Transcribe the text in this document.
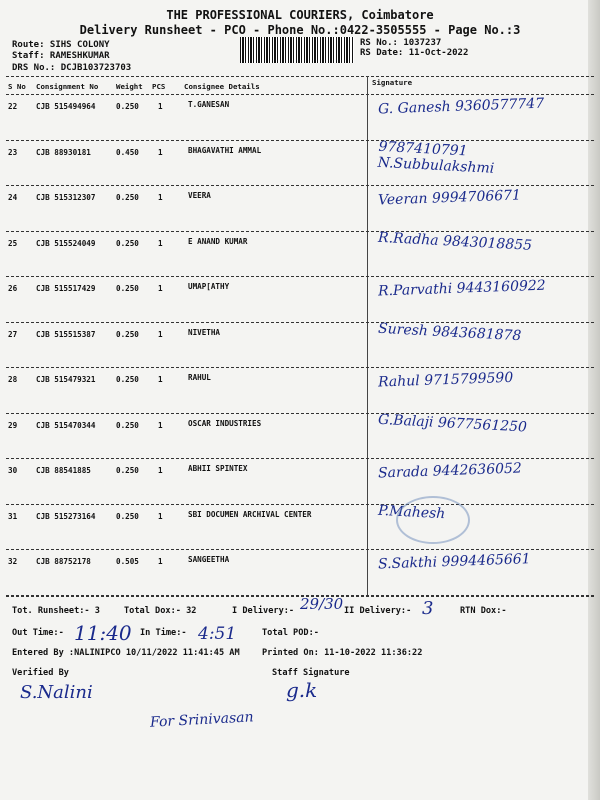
THE PROFESSIONAL COURIERS, Coimbatore
Delivery Runsheet - PCO - Phone No.:0422-3505555 - Page No.:3
Route: SIHS COLONY
Staff: RAMESHKUMAR
DRS No.: DCJB103723703
RS No.: 1037237
RS Date: 11-Oct-2022
S No Consignment No Weight PCS	Consignee Details	Signature
22 CJB 515494964	0.250	1	T.GANESAN	G. Ganesh 9360577747
23 CJB 88930181	0.450	1	BHAGAVATHI AMMAL	9787410791 N.Subbulakshmi
24 CJB 515312307	0.250	1	VEERA	Veeran 9994706671
25 CJB 515524049	0.250	1	E ANAND KUMAR	R.Radha 9843018855
26 CJB 515517429	0.250	1	UMAP[ATHY	R.Parvathi 9443160922
27 CJB 515515387	0.250	1	NIVETHA	Suresh 9843681878
28 CJB 515479321	0.250	1	RAHUL	Rahul 9715799590
29 CJB 515470344	0.250	1	OSCAR INDUSTRIES	G.Balaji 9677561250
30 CJB 88541885	0.250	1	ABHII SPINTEX	Sarada 9442636052
31 CJB 515273164	0.250	1	SBI DOCUMEN ARCHIVAL CENTER	P.Mahesh
32 CJB 88752178	0.505	1	SANGEETHA	S.Sakthi 9994465661
Tot. Runsheet:- 3	Total Dox:- 32	I Delivery:- 29/30 II Delivery:- 3	RTN Dox:-
Out Time:- 11:40 In Time:- 4:51	Total POD:-
Entered By :NALINIPCO 10/11/2022 11:41:45 AM	Printed On: 11-10-2022 11:36:22
Verified By
S.Nalini
Staff Signature
g.k
For Srinivasan
